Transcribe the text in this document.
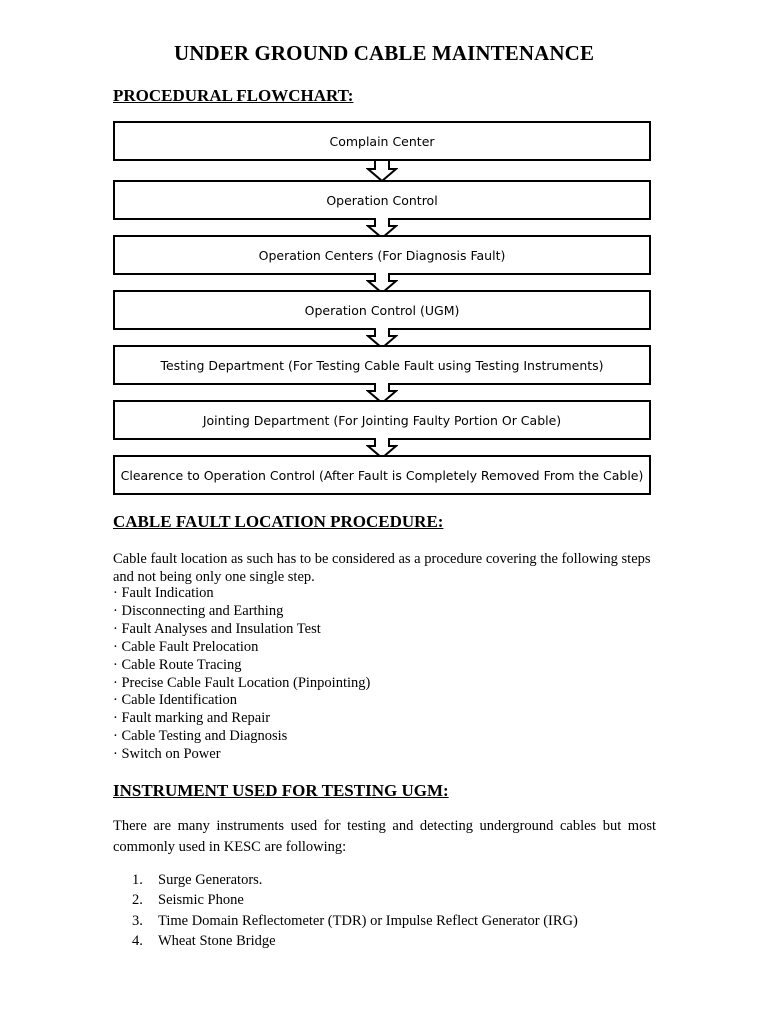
UNDER GROUND CABLE MAINTENANCE
PROCEDURAL FLOWCHART:
Complain Center
Operation Control
Operation Centers (For Diagnosis Fault)
Operation Control (UGM)
Testing Department (For Testing Cable Fault using Testing Instruments)
Jointing Department (For Jointing Faulty Portion Or Cable)
Clearence to Operation Control (After Fault is Completely Removed From the Cable)
CABLE FAULT LOCATION PROCEDURE:
Cable fault location as such has to be considered as a procedure covering the following steps and not being only one single step.
· Fault Indication
· Disconnecting and Earthing
· Fault Analyses and Insulation Test
· Cable Fault Prelocation
· Cable Route Tracing
· Precise Cable Fault Location (Pinpointing)
· Cable Identification
· Fault marking and Repair
· Cable Testing and Diagnosis
· Switch on Power
INSTRUMENT USED FOR TESTING UGM:
There are many instruments used for testing and detecting underground cables but most commonly used in KESC are following:
1.	Surge Generators.
2.	Seismic Phone
3.	Time Domain Reflectometer (TDR) or Impulse Reflect Generator (IRG)
4.	Wheat Stone Bridge
